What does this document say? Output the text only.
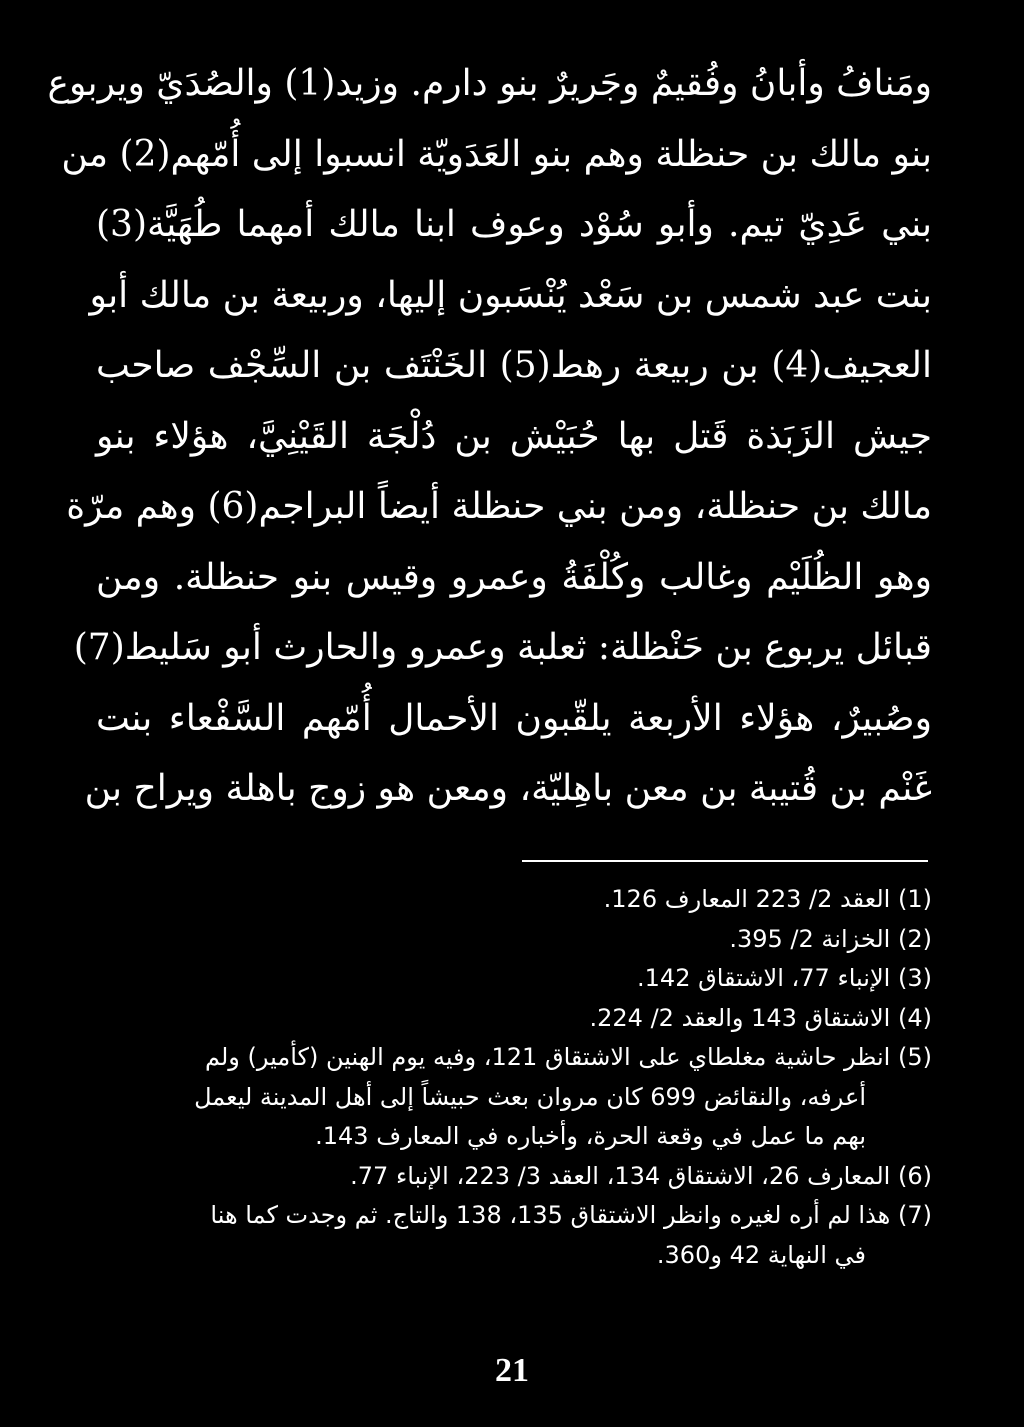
ومَنافُ وأبانُ وفُقيمٌ وجَريرٌ بنو دارم. وزيد(1) والصُدَيّ ويربوع
بنو مالك بن حنظلة وهم بنو العَدَويّة انسبوا إلى أُمّهم(2) من
بني عَدِيّ تيم. وأبو سُوْد وعوف ابنا مالك أمهما طُهَيَّة(3)
بنت عبد شمس بن سَعْد يُنْسَبون إليها، وربيعة بن مالك أبو
العجيف(4) بن ربيعة رهط(5) الخَنْتَف بن السِّجْف صاحب
جيش الزَبَذة قَتل بها حُبَيْش بن دُلْجَة القَيْنِيَّ، هؤلاء بنو
مالك بن حنظلة، ومن بني حنظلة أيضاً البراجم(6) وهم مرّة
وهو الظُلَيْم وغالب وكُلْفَةُ وعمرو وقيس بنو حنظلة. ومن
قبائل يربوع بن حَنْظلة: ثعلبة وعمرو والحارث أبو سَليط(7)
وصُبيرٌ، هؤلاء الأربعة يلقّبون الأحمال أُمّهم السَّفْعاء بنت
غَنْم بن قُتيبة بن معن باهِليّة، ومعن هو زوج باهلة ويراح بن
(1) العقد 2/ 223 المعارف 126.
(2) الخزانة 2/ 395.
(3) الإنباء 77، الاشتقاق 142.
(4) الاشتقاق 143 والعقد 2/ 224.
(5) انظر حاشية مغلطاي على الاشتقاق 121، وفيه يوم الهنين (كأمير) ولم
أعرفه، والنقائض 699 كان مروان بعث حبيشاً إلى أهل المدينة ليعمل
بهم ما عمل في وقعة الحرة، وأخباره في المعارف 143.
(6) المعارف 26، الاشتقاق 134، العقد 3/ 223، الإنباء 77.
(7) هذا لم أره لغيره وانظر الاشتقاق 135، 138 والتاج. ثم وجدت كما هنا
في النهاية 42 و360.
21
